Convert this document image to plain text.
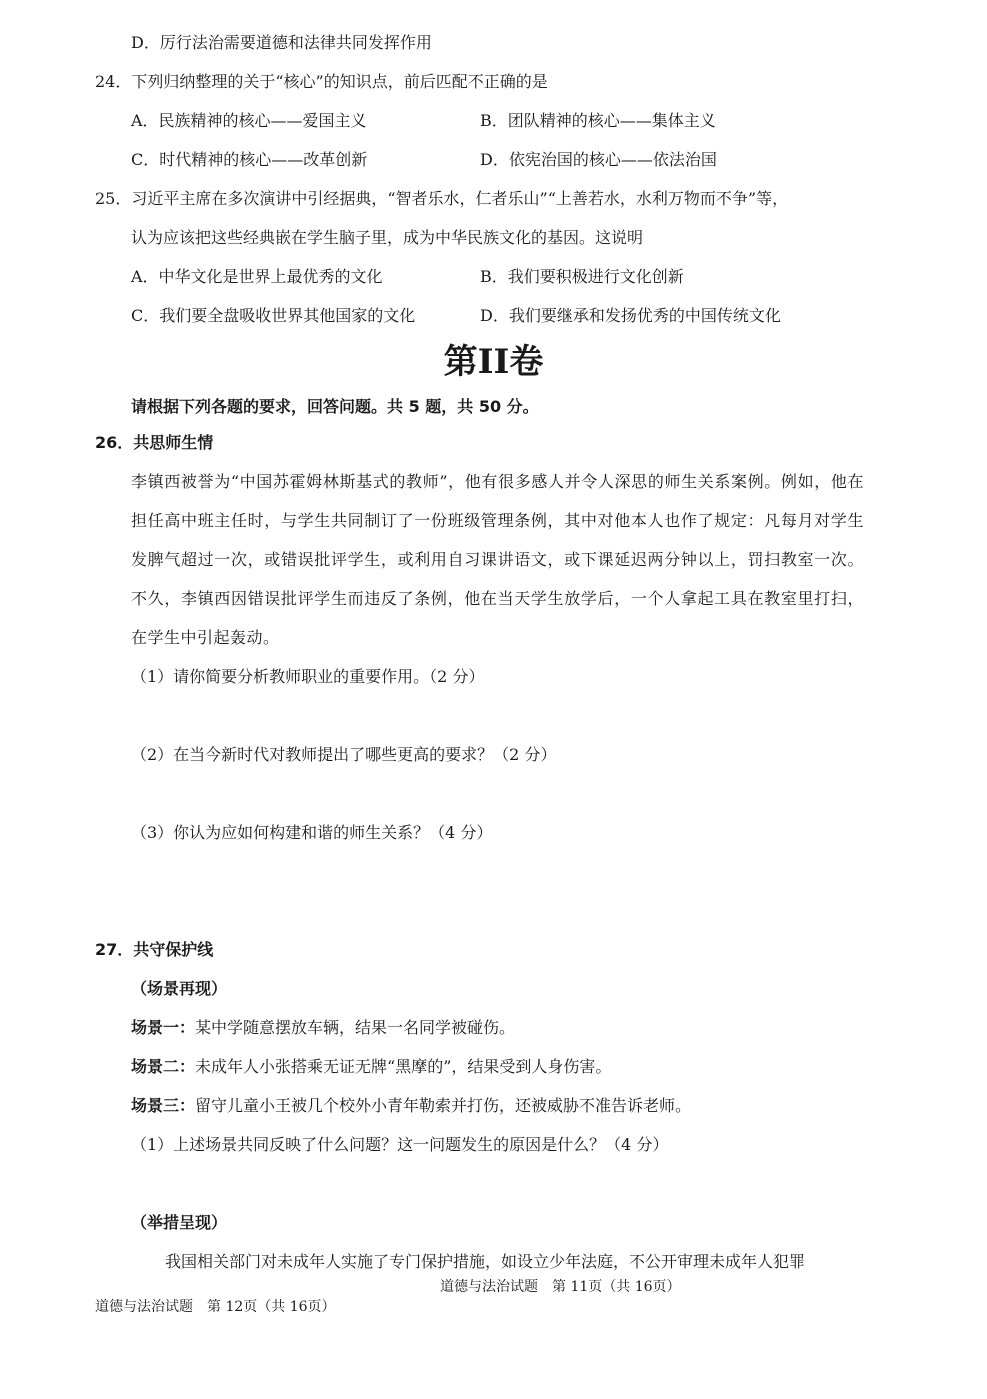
D．厉行法治需要道德和法律共同发挥作用
24．下列归纳整理的关于“核心”的知识点，前后匹配不正确的是
A．民族精神的核心——爱国主义	B．团队精神的核心——集体主义
C．时代精神的核心——改革创新	D．依宪治国的核心——依法治国
25．习近平主席在多次演讲中引经据典，“智者乐水，仁者乐山”“上善若水，水利万物而不争”等，
认为应该把这些经典嵌在学生脑子里，成为中华民族文化的基因。这说明
A．中华文化是世界上最优秀的文化	B．我们要积极进行文化创新
C．我们要全盘吸收世界其他国家的文化	D．我们要继承和发扬优秀的中国传统文化
第II卷
请根据下列各题的要求，回答问题。共 5 题，共 50 分。
26．共思师生情
李镇西被誉为“中国苏霍姆林斯基式的教师”，他有很多感人并令人深思的师生关系案例。例如，他在担任高中班主任时，与学生共同制订了一份班级管理条例，其中对他本人也作了规定：凡每月对学生发脾气超过一次，或错误批评学生，或利用自习课讲语文，或下课延迟两分钟以上，罚扫教室一次。不久，李镇西因错误批评学生而违反了条例，他在当天学生放学后，一个人拿起工具在教室里打扫，在学生中引起轰动。
（1）请你简要分析教师职业的重要作用。（2 分）
（2）在当今新时代对教师提出了哪些更高的要求？（2 分）
（3）你认为应如何构建和谐的师生关系？（4 分）
27．共守保护线
（场景再现）
场景一：某中学随意摆放车辆，结果一名同学被碰伤。
场景二：未成年人小张搭乘无证无牌“黑摩的”，结果受到人身伤害。
场景三：留守儿童小王被几个校外小青年勒索并打伤，还被威胁不准告诉老师。
（1）上述场景共同反映了什么问题？这一问题发生的原因是什么？（4 分）
（举措呈现）
我国相关部门对未成年人实施了专门保护措施，如设立少年法庭，不公开审理未成年人犯罪
道德与法治试题　第 11页（共 16页）
道德与法治试题　第 12页（共 16页）
